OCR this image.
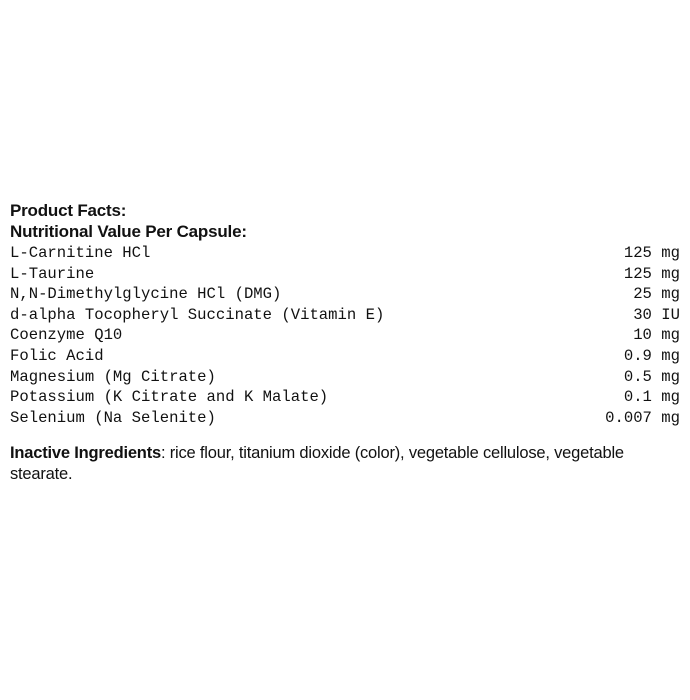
Product Facts:
Nutritional Value Per Capsule:
L-Carnitine HCl	125 mg
L-Taurine	125 mg
N,N-Dimethylglycine HCl (DMG)	25 mg
d-alpha Tocopheryl Succinate (Vitamin E)	30 IU
Coenzyme Q10	10 mg
Folic Acid	0.9 mg
Magnesium (Mg Citrate)	0.5 mg
Potassium (K Citrate and K Malate)	0.1 mg
Selenium (Na Selenite)	0.007 mg
Inactive Ingredients: rice flour, titanium dioxide (color), vegetable cellulose, vegetable stearate.
